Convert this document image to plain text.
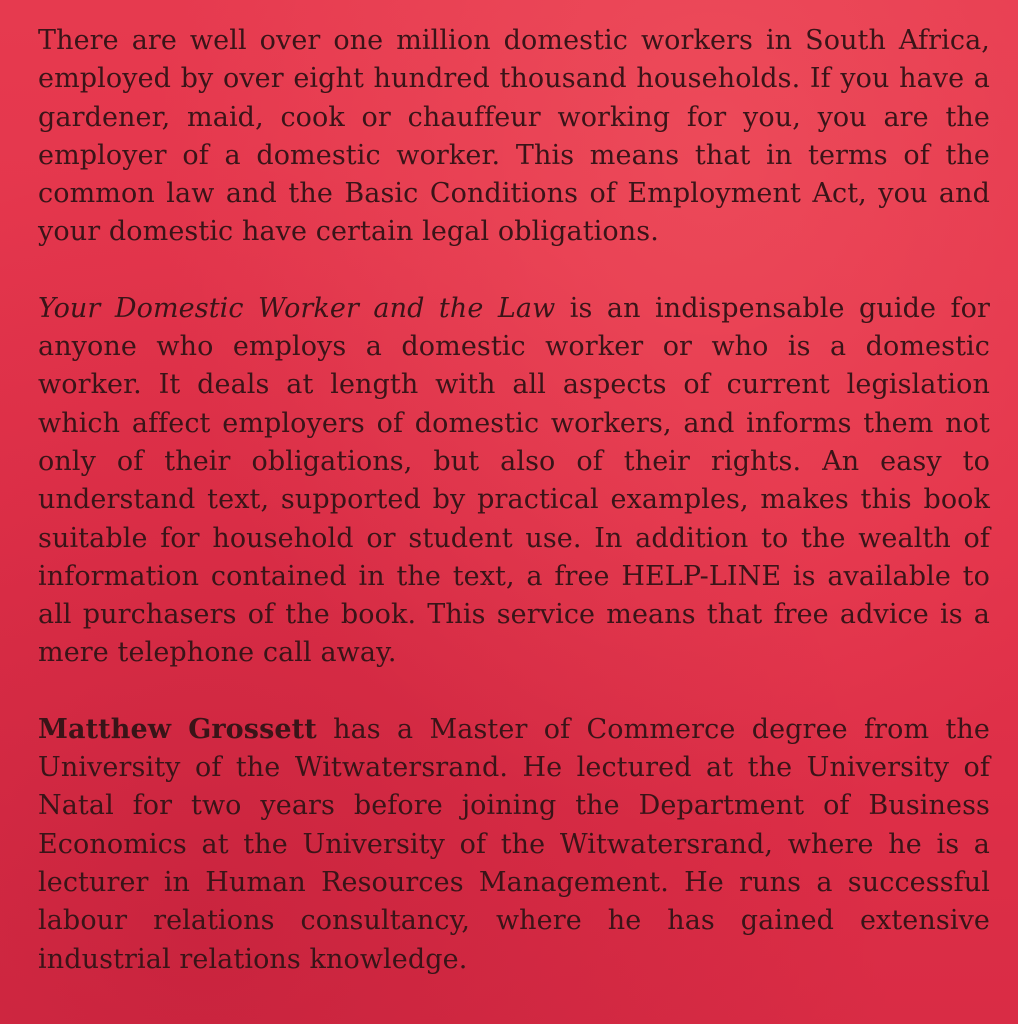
There are well over one million domestic workers in South Africa, employed by over eight hundred thousand households. If you have a gardener, maid, cook or chauffeur working for you, you are the employer of a domestic worker. This means that in terms of the common law and the Basic Conditions of Employment Act, you and your domestic have certain legal obligations.

Your Domestic Worker and the Law is an indispensable guide for anyone who employs a domestic worker or who is a domestic worker. It deals at length with all aspects of current legislation which affect employers of domestic workers, and informs them not only of their obligations, but also of their rights. An easy to understand text, supported by practical examples, makes this book suitable for household or student use. In addition to the wealth of information contained in the text, a free HELP-LINE is available to all purchasers of the book. This service means that free advice is a mere telephone call away.

Matthew Grossett has a Master of Commerce degree from the University of the Witwatersrand. He lectured at the University of Natal for two years before joining the Department of Business Economics at the University of the Witwatersrand, where he is a lecturer in Human Resources Management. He runs a successful labour relations consultancy, where he has gained extensive industrial relations knowledge.
